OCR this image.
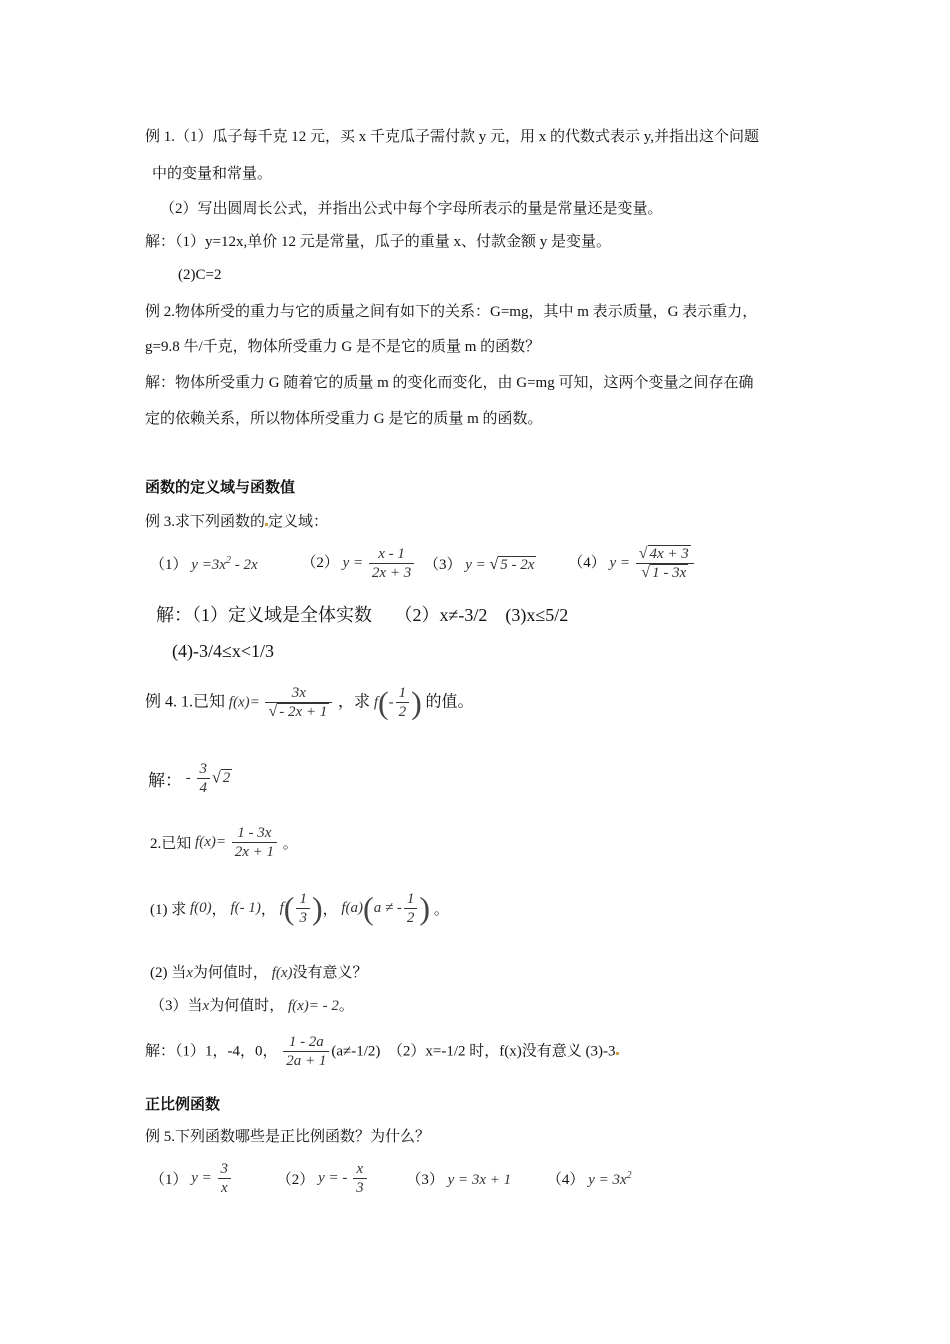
例 1.（1）瓜子每千克 12 元，买 x 千克瓜子需付款 y 元，用 x 的代数式表示 y,并指出这个问题
中的变量和常量。
（2）写出圆周长公式，并指出公式中每个字母所表示的量是常量还是变量。
解：（1）y=12x,单价 12 元是常量，瓜子的重量 x、付款金额 y 是变量。
(2)C=2
例 2.物体所受的重力与它的质量之间有如下的关系：G=mg，其中 m 表示质量，G 表示重力，
g=9.8 牛/千克，物体所受重力 G 是不是它的质量 m 的函数？
解：物体所受重力 G 随着它的质量 m 的变化而变化，由 G=mg 可知，这两个变量之间存在确
定的依赖关系，所以物体所受重力 G 是它的质量 m 的函数。
函数的定义域与函数值
例 3.求下列函数的 定义域：
（1） $y =3x^2 - 2x$	（2） $y = \frac{x - 1}{2x + 3} (3) y$ = √ 5 - 2x （4） $y = \frac{√ 4x + 3}{√ 1 - 3x}$
解：（1）定义域是全体实数　 （2）x≠-3/2　(3)x≤5/2
(4)-3/4≤x<1/3
例 4. 1.已知 $f(x)= \frac{3x}{√ - 2x + 1}$ ，求 $f(- \frac{1}{2}$ ) 的值。
解： - $\frac{3}{4}$ √ 2
2.已知 $f(x)= \frac{1 - 3x}{2x + 1}$ 。
(1) 求 f(0)， f(- 1)， $f( \frac{1}{3}$ )， f(a)(a ≠ - $\frac{1}{2}$ ) 。
(2) 当x为何值时， f(x)没有意义？
（3）当x为何值时， f(x)= - 2。
解：（1）1，-4，0， $\frac{1 - 2a}{2a + 1} (a\ne-1/2)$　（2）x=-1/2 时，f(x)没有意义 (3)-3
正比例函数
例 5.下列函数哪些是正比例函数？为什么？
（1） $y = \frac{3}{x}$	（2） y = - $\frac{x}{3}$	（3） y = 3x + 1 （4） $y = 3x^2$
